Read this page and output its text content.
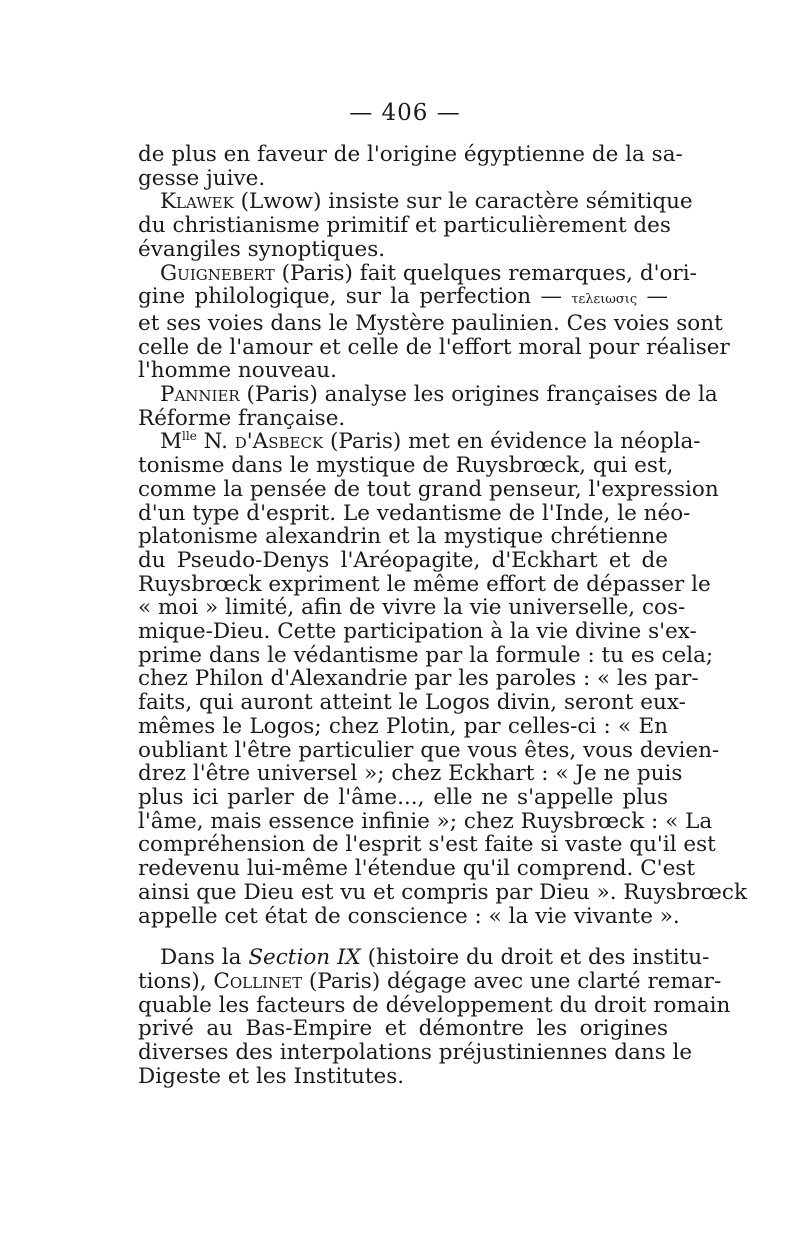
— 406 —
de plus en faveur de l'origine égyptienne de la sa-
gesse juive.
Klawek (Lwow) insiste sur le caractère sémitique
du christianisme primitif et particulièrement des
évangiles synoptiques.
Guignebert (Paris) fait quelques remarques, d'ori-
gine philologique, sur la perfection — τελειωσις —
et ses voies dans le Mystère paulinien. Ces voies sont
celle de l'amour et celle de l'effort moral pour réaliser
l'homme nouveau.
Pannier (Paris) analyse les origines françaises de la
Réforme française.
$M^{lle}$ N. d'Asbeck (Paris) met en évidence la néopla-
tonisme dans le mystique de Ruysbrœck, qui est,
comme la pensée de tout grand penseur, l'expression
d'un type d'esprit. Le vedantisme de l'Inde, le néo-
platonisme alexandrin et la mystique chrétienne
du Pseudo-Denys l'Aréopagite, d'Eckhart et de
Ruysbrœck expriment le même effort de dépasser le
« moi » limité, afin de vivre la vie universelle, cos-
mique-Dieu. Cette participation à la vie divine s'ex-
prime dans le védantisme par la formule : tu es cela;
chez Philon d'Alexandrie par les paroles : « les par-
faits, qui auront atteint le Logos divin, seront eux-
mêmes le Logos; chez Plotin, par celles-ci : « En
oubliant l'être particulier que vous êtes, vous devien-
drez l'être universel »; chez Eckhart : « Je ne puis
plus ici parler de l'âme..., elle ne s'appelle plus
l'âme, mais essence infinie »; chez Ruysbrœck : « La
compréhension de l'esprit s'est faite si vaste qu'il est
redevenu lui-même l'étendue qu'il comprend. C'est
ainsi que Dieu est vu et compris par Dieu ». Ruysbrœck
appelle cet état de conscience : « la vie vivante ».
Dans la Section IX (histoire du droit et des institu-
tions), Collinet (Paris) dégage avec une clarté remar-
quable les facteurs de développement du droit romain
privé au Bas-Empire et démontre les origines
diverses des interpolations préjustiniennes dans le
Digeste et les Institutes.
